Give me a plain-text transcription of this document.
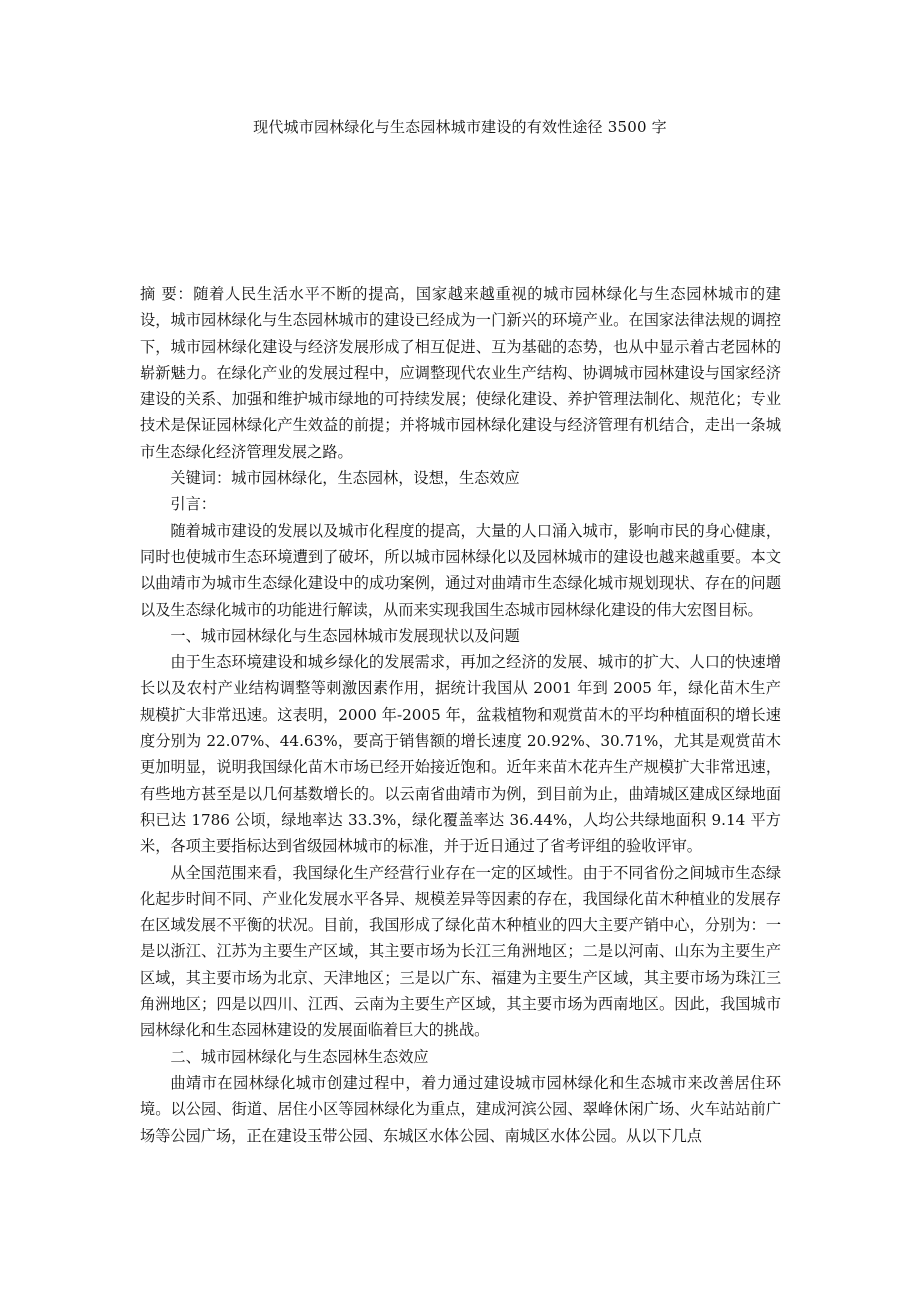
现代城市园林绿化与生态园林城市建设的有效性途径 3500 字

摘 要：随着人民生活水平不断的提高，国家越来越重视的城市园林绿化与生态园林城市的建设，城市园林绿化与生态园林城市的建设已经成为一门新兴的环境产业。在国家法律法规的调控下，城市园林绿化建设与经济发展形成了相互促进、互为基础的态势，也从中显示着古老园林的崭新魅力。在绿化产业的发展过程中，应调整现代农业生产结构、协调城市园林建设与国家经济建设的关系、加强和维护城市绿地的可持续发展；使绿化建设、养护管理法制化、规范化；专业技术是保证园林绿化产生效益的前提；并将城市园林绿化建设与经济管理有机结合，走出一条城市生态绿化经济管理发展之路。

关键词：城市园林绿化，生态园林，设想，生态效应

引言：

随着城市建设的发展以及城市化程度的提高，大量的人口涌入城市，影响市民的身心健康，同时也使城市生态环境遭到了破坏，所以城市园林绿化以及园林城市的建设也越来越重要。本文以曲靖市为城市生态绿化建设中的成功案例，通过对曲靖市生态绿化城市规划现状、存在的问题以及生态绿化城市的功能进行解读，从而来实现我国生态城市园林绿化建设的伟大宏图目标。

一、城市园林绿化与生态园林城市发展现状以及问题

由于生态环境建设和城乡绿化的发展需求，再加之经济的发展、城市的扩大、人口的快速增长以及农村产业结构调整等刺激因素作用，据统计我国从 2001 年到 2005 年，绿化苗木生产规模扩大非常迅速。这表明，2000 年-2005 年，盆栽植物和观赏苗木的平均种植面积的增长速度分别为 22.07%、44.63%，要高于销售额的增长速度 20.92%、30.71%，尤其是观赏苗木更加明显，说明我国绿化苗木市场已经开始接近饱和。近年来苗木花卉生产规模扩大非常迅速，有些地方甚至是以几何基数增长的。以云南省曲靖市为例，到目前为止，曲靖城区建成区绿地面积已达 1786 公顷，绿地率达 33.3%，绿化覆盖率达 36.44%，人均公共绿地面积 9.14 平方米，各项主要指标达到省级园林城市的标准，并于近日通过了省考评组的验收评审。

从全国范围来看，我国绿化生产经营行业存在一定的区域性。由于不同省份之间城市生态绿化起步时间不同、产业化发展水平各异、规模差异等因素的存在，我国绿化苗木种植业的发展存在区域发展不平衡的状况。目前，我国形成了绿化苗木种植业的四大主要产销中心，分别为：一是以浙江、江苏为主要生产区域，其主要市场为长江三角洲地区；二是以河南、山东为主要生产区域，其主要市场为北京、天津地区；三是以广东、福建为主要生产区域，其主要市场为珠江三角洲地区；四是以四川、江西、云南为主要生产区域，其主要市场为西南地区。因此，我国城市园林绿化和生态园林建设的发展面临着巨大的挑战。

二、城市园林绿化与生态园林生态效应

曲靖市在园林绿化城市创建过程中，着力通过建设城市园林绿化和生态城市来改善居住环境。以公园、街道、居住小区等园林绿化为重点，建成河滨公园、翠峰休闲广场、火车站站前广场等公园广场，正在建设玉带公园、东城区水体公园、南城区水体公园。从以下几点
